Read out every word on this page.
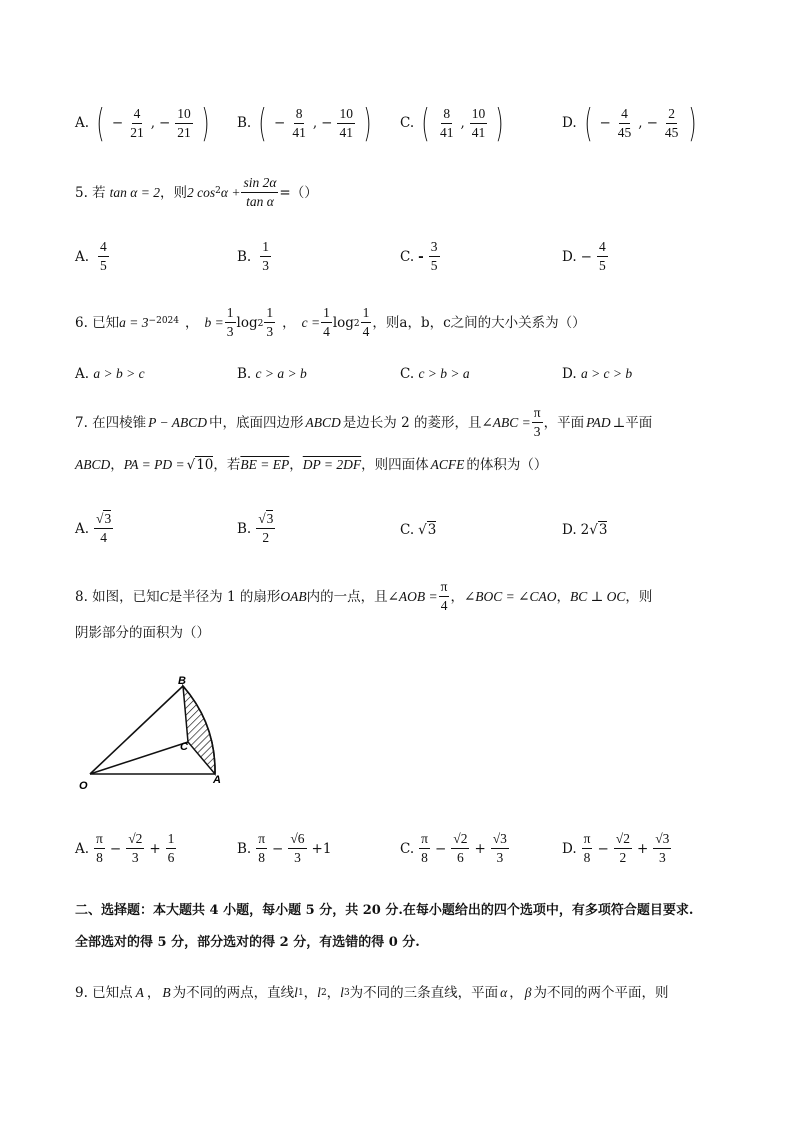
A. ( − $\frac{4}{21}$ , − $\frac{10}{21}$ ) B. ( − $\frac{8}{41}$ , − $\frac{10}{41}$ ) C. ( $\frac{8}{41}$ , $\frac{10}{41}$ )	D. ( − $\frac{4}{45}$ , − $\frac{2}{45}$ )
5. 若 tan α = 2 ，则 2 cos 2 $\alpha + \frac{\sin 2\alpha}{\text{tan α}}$ =（）
A. $\frac{4}{5}$	B. $\frac{1}{3}$	C. - $\frac{3}{5}$	D. − $\frac{4}{5}$
6. 已知 a = 3 −2024 ， $b = \frac{1}{3}$ $\log 2 \frac{1}{3}$ ， $c = \frac{1}{4}$ $\log 2 \frac{1}{4}$ ，则a，b，c之间的大小关系为（）
A. a > b > c	B. c > a > b	C. c > b > a	D. a > c > b
7. 在四棱锥 P − ABCD 中，底面四边形 ABCD 是边长为 2 的菱形，且 ∠ABC = $\frac{\pi}{3}$ ，平面 PAD ⊥平面
ABCD ， PA = PD = √10 ，若 BE = EP ， DP = 2DF ，则四面体 ACFE 的体积为（）
A. $\frac{√3}{4}$	B. $\frac{√3}{2}$	C. √3	D. 2√3
8. 如图，已知 C 是半径为 1 的扇形 OAB 内的一点，且 ∠AOB = $\frac{\pi}{4}$ ， ∠BOC = ∠CAO ， BC ⊥ OC ，则
阴影部分的面积为（）
B
C
O	A
A. $\frac{\pi}{8} - \frac{√2}{3} + \frac{1}{6}$	B. $\frac{\pi}{8} - \frac{√6}{3} +1$	C. $\frac{\pi}{8} - \frac{√2}{6} + \frac{√3}{3}$	D. $\frac{\pi}{8} - \frac{√2}{2} + \frac{√3}{3}$
二、选择题：本大题共 4 小题，每小题 5 分，共 20 分.在每小题给出的四个选项中，有多项符合题目要求.
全部选对的得 5 分，部分选对的得 2 分，有选错的得 0 分.
9. 已知点 A ， B 为不同的两点，直线 l 1 ， l 2 ， l 3 为不同的三条直线，平面 α ， β 为不同的两个平面，则
